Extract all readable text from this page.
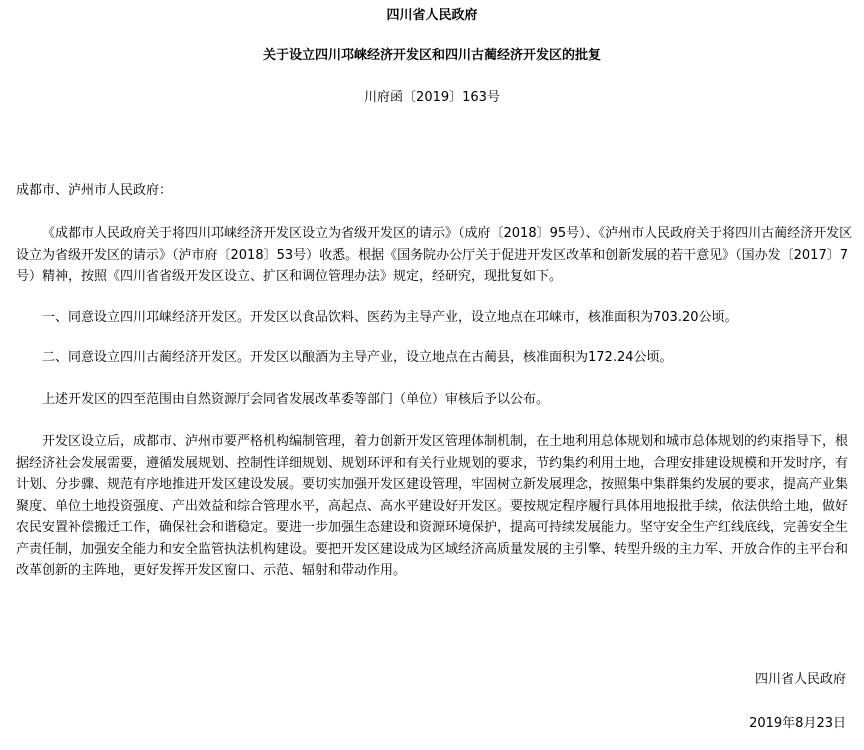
四川省人民政府
关于设立四川邛崃经济开发区和四川古蔺经济开发区的批复
川府函〔2019〕163号

成都市、泸州市人民政府：

《成都市人民政府关于将四川邛崃经济开发区设立为省级开发区的请示》（成府〔2018〕95号）、《泸州市人民政府关于将四川古蔺经济开发区设立为省级开发区的请示》（泸市府〔2018〕53号）收悉。根据《国务院办公厅关于促进开发区改革和创新发展的若干意见》（国办发〔2017〕7号）精神，按照《四川省省级开发区设立、扩区和调位管理办法》规定，经研究，现批复如下。

一、同意设立四川邛崃经济开发区。开发区以食品饮料、医药为主导产业，设立地点在邛崃市，核准面积为703.20公顷。

二、同意设立四川古蔺经济开发区。开发区以酿酒为主导产业，设立地点在古蔺县，核准面积为172.24公顷。

上述开发区的四至范围由自然资源厅会同省发展改革委等部门（单位）审核后予以公布。

开发区设立后，成都市、泸州市要严格机构编制管理，着力创新开发区管理体制机制，在土地利用总体规划和城市总体规划的约束指导下，根据经济社会发展需要，遵循发展规划、控制性详细规划、规划环评和有关行业规划的要求，节约集约利用土地，合理安排建设规模和开发时序，有计划、分步骤、规范有序地推进开发区建设发展。要切实加强开发区建设管理，牢固树立新发展理念，按照集中集群集约发展的要求，提高产业集聚度、单位土地投资强度、产出效益和综合管理水平，高起点、高水平建设好开发区。要按规定程序履行具体用地报批手续，依法供给土地，做好农民安置补偿搬迁工作，确保社会和谐稳定。要进一步加强生态建设和资源环境保护，提高可持续发展能力。坚守安全生产红线底线，完善安全生产责任制，加强安全能力和安全监管执法机构建设。要把开发区建设成为区域经济高质量发展的主引擎、转型升级的主力军、开放合作的主平台和改革创新的主阵地，更好发挥开发区窗口、示范、辐射和带动作用。

四川省人民政府
2019年8月23日
